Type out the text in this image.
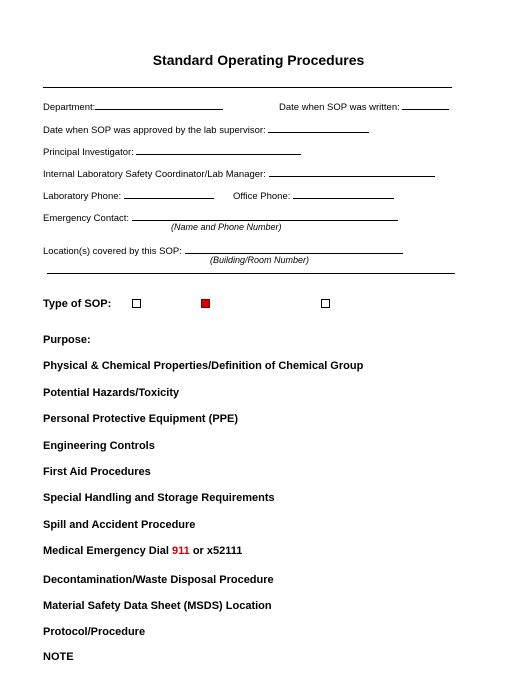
Standard Operating Procedures
Department:	Date when SOP was written:
Date when SOP was approved by the lab supervisor:
Principal Investigator:
Internal Laboratory Safety Coordinator/Lab Manager:
Laboratory Phone:	Office Phone:
Emergency Contact:
(Name and Phone Number)
Location(s) covered by this SOP:
(Building/Room Number)
Type of SOP:
Purpose:
Physical & Chemical Properties/Definition of Chemical Group
Potential Hazards/Toxicity
Personal Protective Equipment (PPE)
Engineering Controls
First Aid Procedures
Special Handling and Storage Requirements
Spill and Accident Procedure
Medical Emergency Dial 911 or x52111
Decontamination/Waste Disposal Procedure
Material Safety Data Sheet (MSDS) Location
Protocol/Procedure
NOTE
